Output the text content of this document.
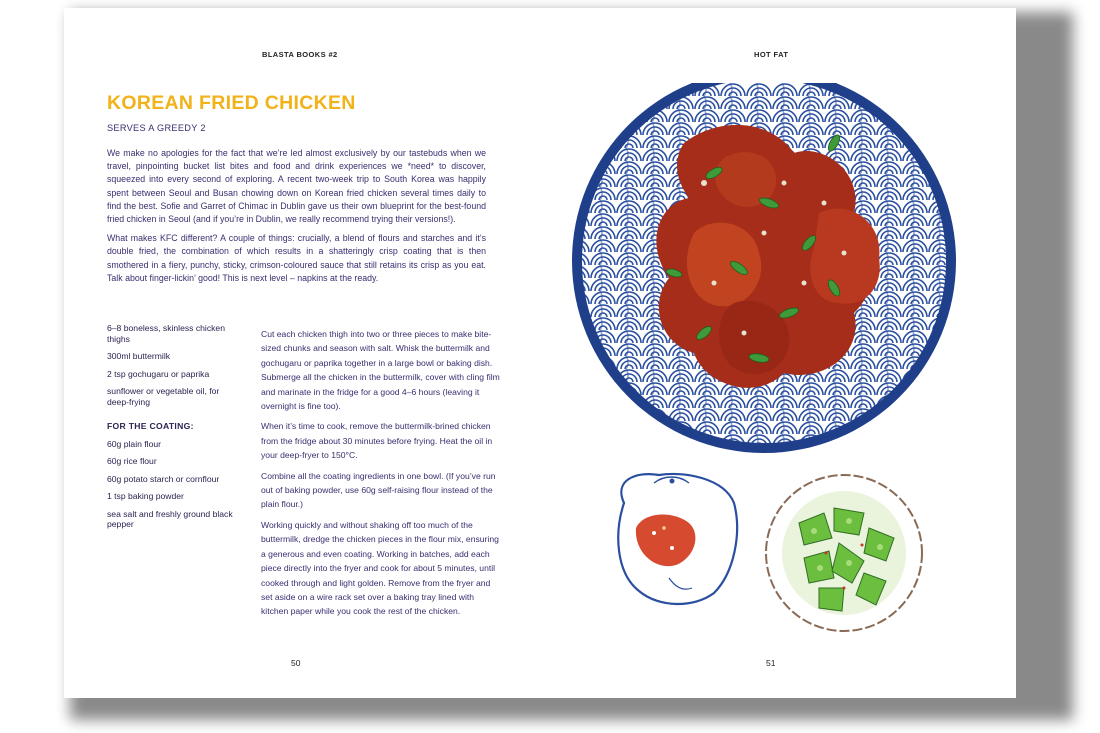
BLASTA BOOKS #2	HOT FAT
KOREAN FRIED CHICKEN
SERVES A GREEDY 2

We make no apologies for the fact that we’re led almost exclusively by our tastebuds when we travel, pinpointing bucket list bites and food and drink experiences we *need* to discover, squeezed into every second of exploring. A recent two-week trip to South Korea was happily spent between Seoul and Busan chowing down on Korean fried chicken several times daily to find the best. Sofie and Garret of Chimac in Dublin gave us their own blueprint for the best-found fried chicken in Seoul (and if you’re in Dublin, we really recommend trying their versions!).

What makes KFC different? A couple of things: crucially, a blend of flours and starches and it’s double fried, the combination of which results in a shatteringly crisp coating that is then smothered in a fiery, punchy, sticky, crimson-coloured sauce that still retains its crisp as you eat. Talk about finger-lickin’ good! This is next level – napkins at the ready.

6–8 boneless, skinless chicken thighs
300ml buttermilk
2 tsp gochugaru or paprika
sunflower or vegetable oil, for deep-frying
FOR THE COATING:
60g plain flour
60g rice flour
60g potato starch or cornflour
1 tsp baking powder
sea salt and freshly ground black pepper

Cut each chicken thigh into two or three pieces to make bite-sized chunks and season with salt. Whisk the buttermilk and gochugaru or paprika together in a large bowl or baking dish. Submerge all the chicken in the buttermilk, cover with cling film and marinate in the fridge for a good 4–6 hours (leaving it overnight is fine too).

When it’s time to cook, remove the buttermilk-brined chicken from the fridge about 30 minutes before frying. Heat the oil in your deep-fryer to 150°C.

Combine all the coating ingredients in one bowl. (If you’ve run out of baking powder, use 60g self-raising flour instead of the plain flour.)

Working quickly and without shaking off too much of the buttermilk, dredge the chicken pieces in the flour mix, ensuring a generous and even coating. Working in batches, add each piece directly into the fryer and cook for about 5 minutes, until cooked through and light golden. Remove from the fryer and set aside on a wire rack set over a baking tray lined with kitchen paper while you cook the rest of the chicken.

50	51
